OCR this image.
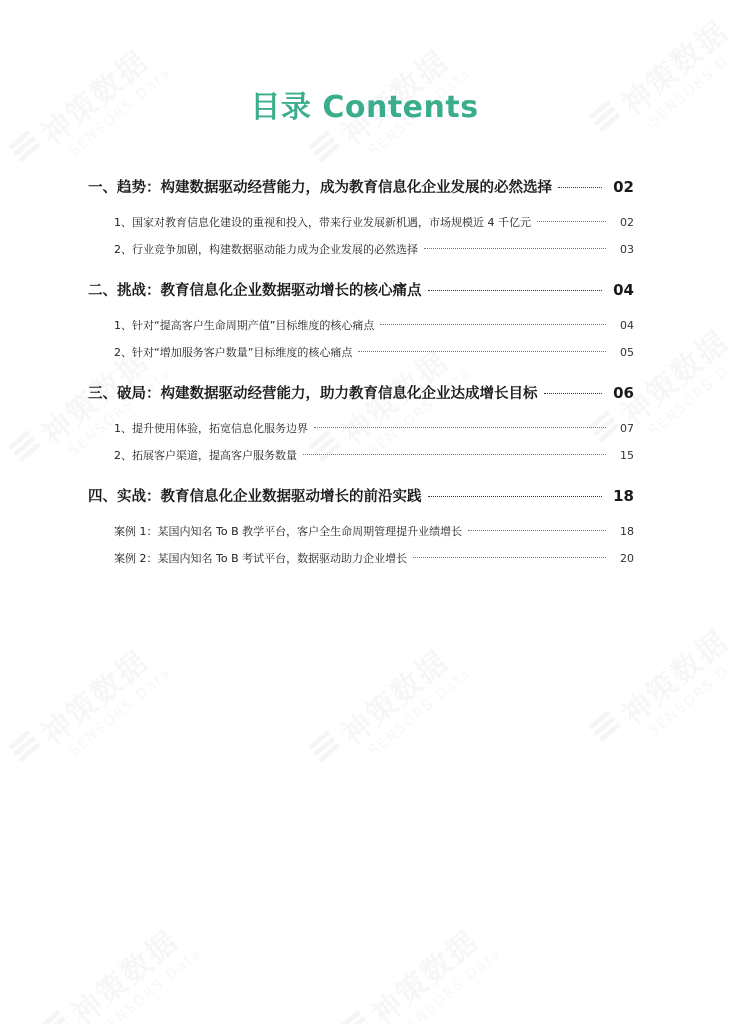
目录 Contents
一、趋势：构建数据驱动经营能力，成为教育信息化企业发展的必然选择	02
1、国家对教育信息化建设的重视和投入，带来行业发展新机遇，市场规模近 4 千亿元	02
2、行业竞争加剧，构建数据驱动能力成为企业发展的必然选择	03
二、挑战：教育信息化企业数据驱动增长的核心痛点	04
1、针对“提高客户生命周期产值”目标维度的核心痛点	04
2、针对“增加服务客户数量”目标维度的核心痛点	05
三、破局：构建数据驱动经营能力，助力教育信息化企业达成增长目标	06
1、提升使用体验，拓宽信息化服务边界	07
2、拓展客户渠道，提高客户服务数量	15
四、实战：教育信息化企业数据驱动增长的前沿实践	18
案例 1：某国内知名 To B 教学平台，客户全生命周期管理提升业绩增长	18
案例 2：某国内知名 To B 考试平台，数据驱动助力企业增长	20
